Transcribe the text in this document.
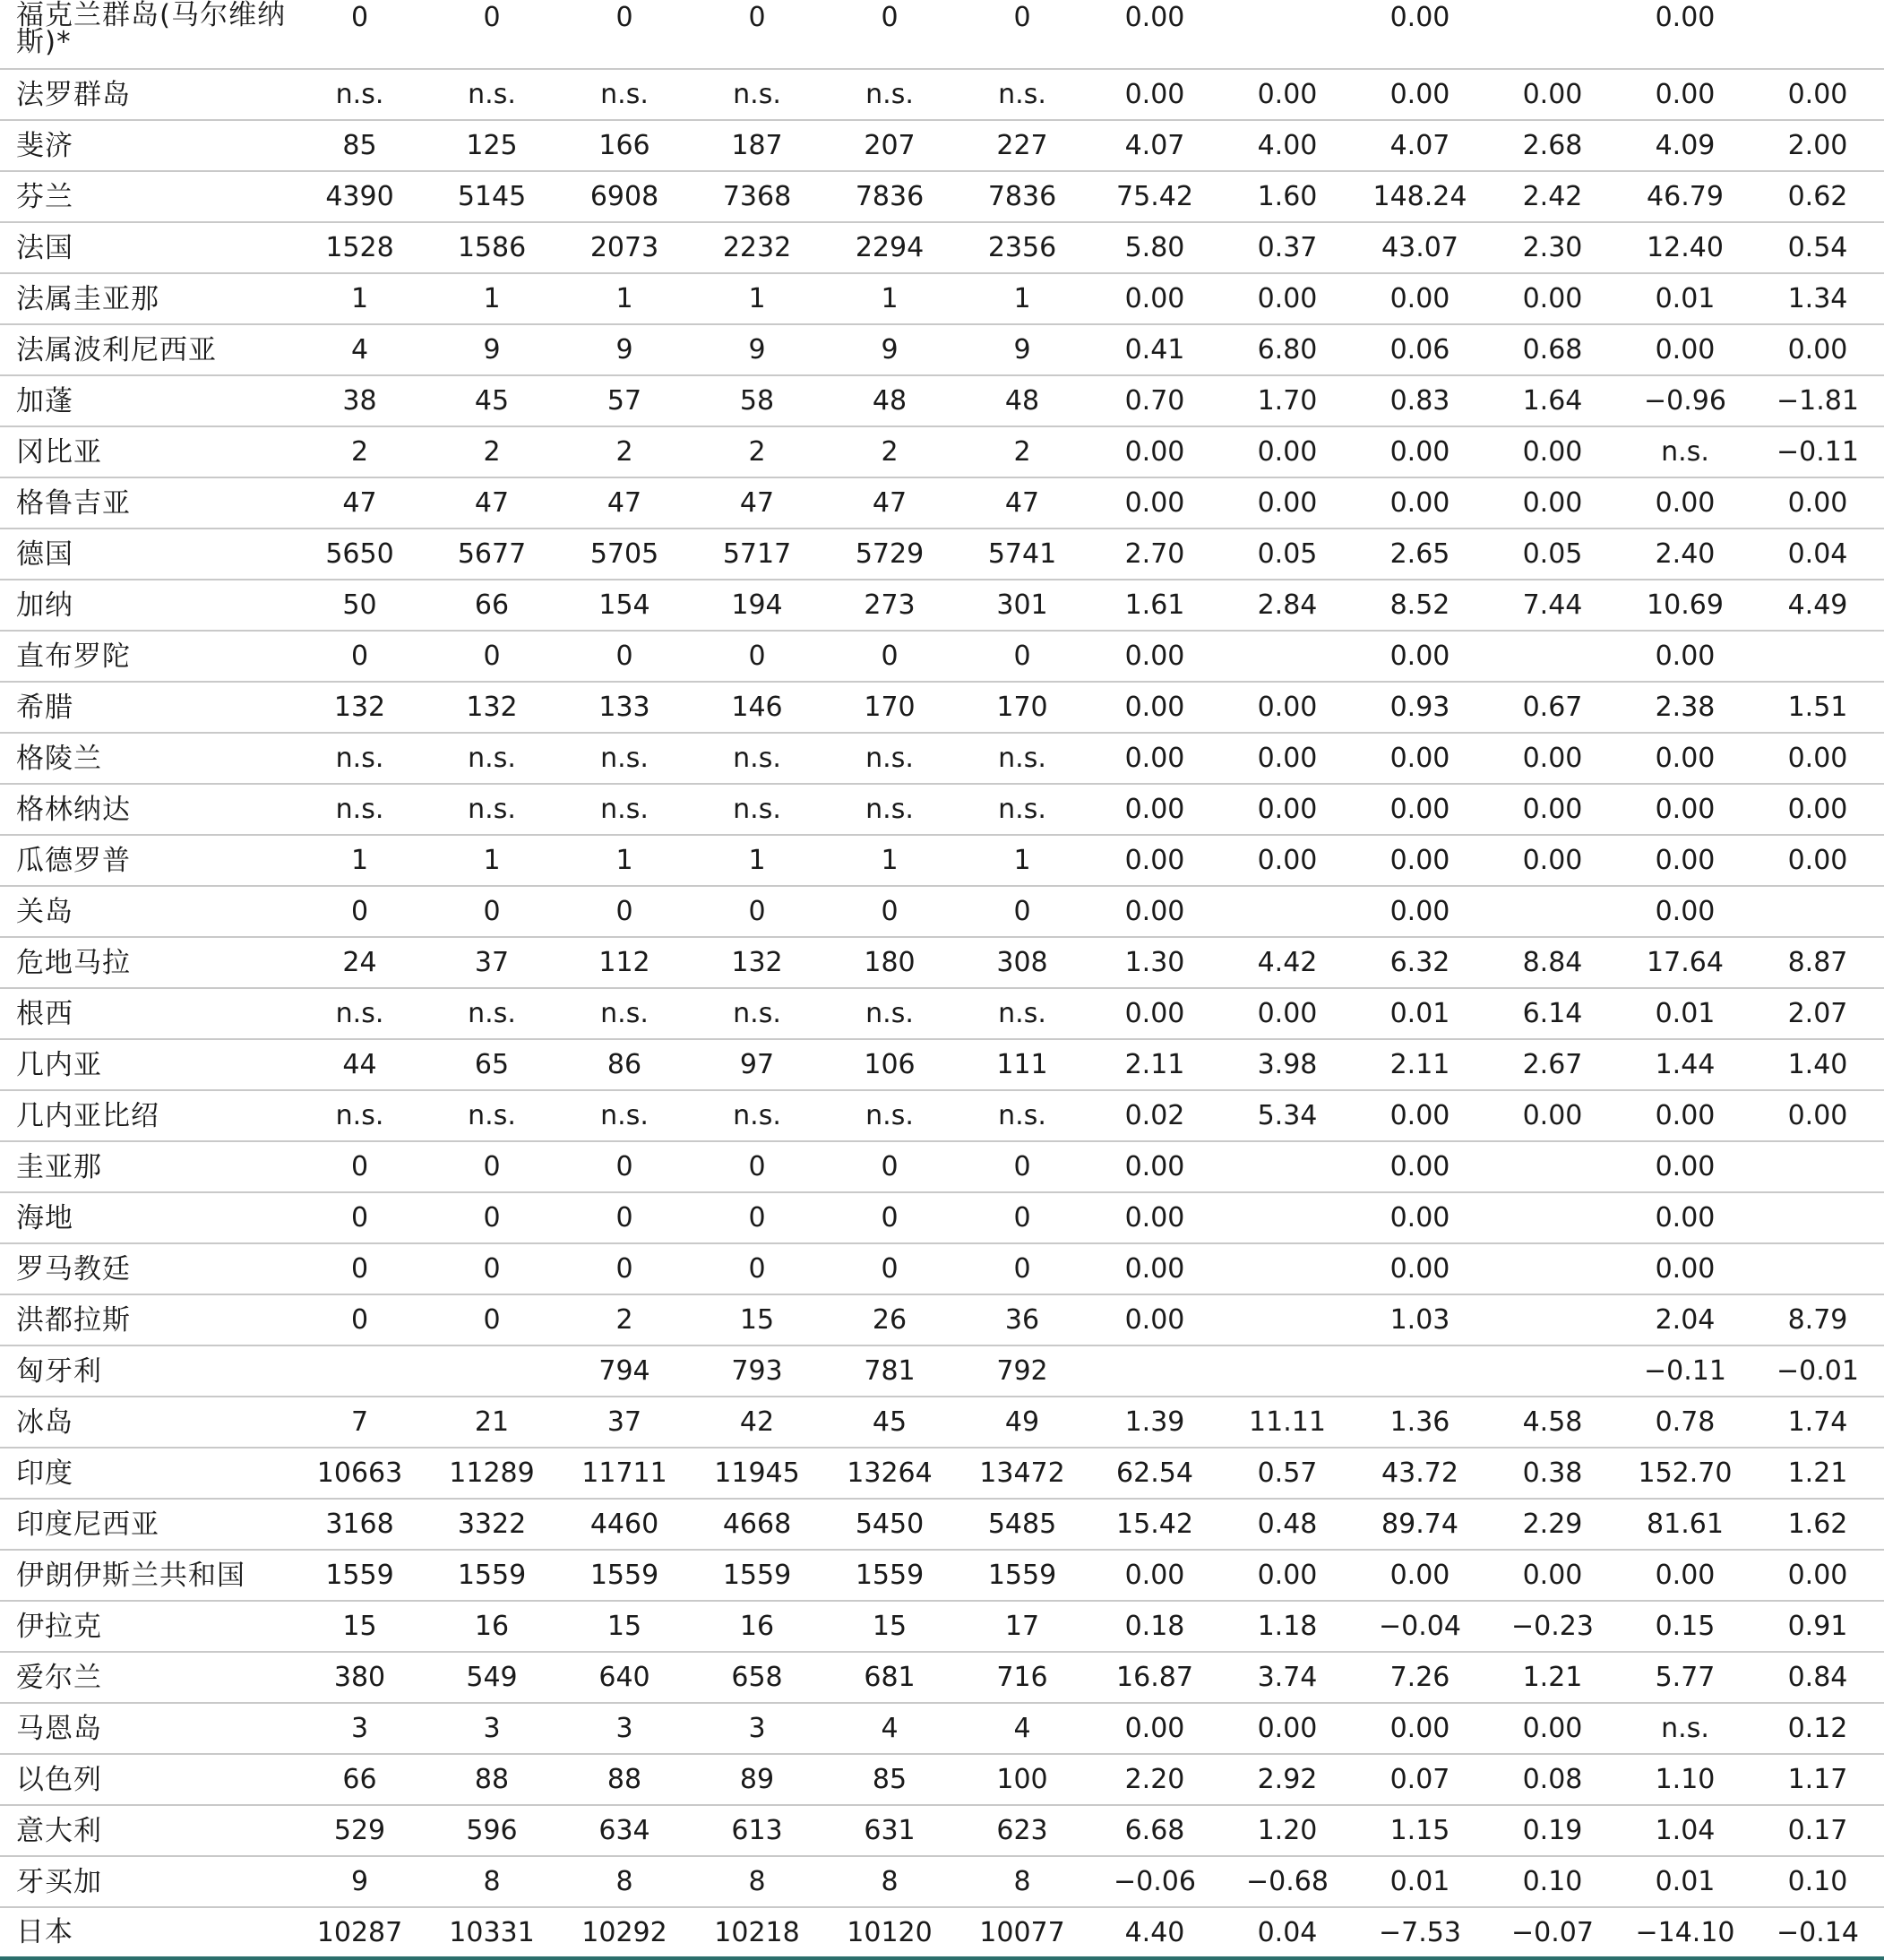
福克兰群岛(马尔维纳斯)*	0	0	0	0	0	0	0.00		0.00		0.00	
法罗群岛	n.s.	n.s.	n.s.	n.s.	n.s.	n.s.	0.00	0.00	0.00	0.00	0.00	0.00
斐济	85	125	166	187	207	227	4.07	4.00	4.07	2.68	4.09	2.00
芬兰	4390	5145	6908	7368	7836	7836	75.42	1.60	148.24	2.42	46.79	0.62
法国	1528	1586	2073	2232	2294	2356	5.80	0.37	43.07	2.30	12.40	0.54
法属圭亚那	1	1	1	1	1	1	0.00	0.00	0.00	0.00	0.01	1.34
法属波利尼西亚	4	9	9	9	9	9	0.41	6.80	0.06	0.68	0.00	0.00
加蓬	38	45	57	58	48	48	0.70	1.70	0.83	1.64	−0.96	−1.81
冈比亚	2	2	2	2	2	2	0.00	0.00	0.00	0.00	n.s.	−0.11
格鲁吉亚	47	47	47	47	47	47	0.00	0.00	0.00	0.00	0.00	0.00
德国	5650	5677	5705	5717	5729	5741	2.70	0.05	2.65	0.05	2.40	0.04
加纳	50	66	154	194	273	301	1.61	2.84	8.52	7.44	10.69	4.49
直布罗陀	0	0	0	0	0	0	0.00		0.00		0.00	
希腊	132	132	133	146	170	170	0.00	0.00	0.93	0.67	2.38	1.51
格陵兰	n.s.	n.s.	n.s.	n.s.	n.s.	n.s.	0.00	0.00	0.00	0.00	0.00	0.00
格林纳达	n.s.	n.s.	n.s.	n.s.	n.s.	n.s.	0.00	0.00	0.00	0.00	0.00	0.00
瓜德罗普	1	1	1	1	1	1	0.00	0.00	0.00	0.00	0.00	0.00
关岛	0	0	0	0	0	0	0.00		0.00		0.00	
危地马拉	24	37	112	132	180	308	1.30	4.42	6.32	8.84	17.64	8.87
根西	n.s.	n.s.	n.s.	n.s.	n.s.	n.s.	0.00	0.00	0.01	6.14	0.01	2.07
几内亚	44	65	86	97	106	111	2.11	3.98	2.11	2.67	1.44	1.40
几内亚比绍	n.s.	n.s.	n.s.	n.s.	n.s.	n.s.	0.02	5.34	0.00	0.00	0.00	0.00
圭亚那	0	0	0	0	0	0	0.00		0.00		0.00	
海地	0	0	0	0	0	0	0.00		0.00		0.00	
罗马教廷	0	0	0	0	0	0	0.00		0.00		0.00	
洪都拉斯	0	0	2	15	26	36	0.00		1.03		2.04	8.79
匈牙利			794	793	781	792					−0.11	−0.01
冰岛	7	21	37	42	45	49	1.39	11.11	1.36	4.58	0.78	1.74
印度	10663	11289	11711	11945	13264	13472	62.54	0.57	43.72	0.38	152.70	1.21
印度尼西亚	3168	3322	4460	4668	5450	5485	15.42	0.48	89.74	2.29	81.61	1.62
伊朗伊斯兰共和国	1559	1559	1559	1559	1559	1559	0.00	0.00	0.00	0.00	0.00	0.00
伊拉克	15	16	15	16	15	17	0.18	1.18	−0.04	−0.23	0.15	0.91
爱尔兰	380	549	640	658	681	716	16.87	3.74	7.26	1.21	5.77	0.84
马恩岛	3	3	3	3	4	4	0.00	0.00	0.00	0.00	n.s.	0.12
以色列	66	88	88	89	85	100	2.20	2.92	0.07	0.08	1.10	1.17
意大利	529	596	634	613	631	623	6.68	1.20	1.15	0.19	1.04	0.17
牙买加	9	8	8	8	8	8	−0.06	−0.68	0.01	0.10	0.01	0.10
日本	10287	10331	10292	10218	10120	10077	4.40	0.04	−7.53	−0.07	−14.10	−0.14
